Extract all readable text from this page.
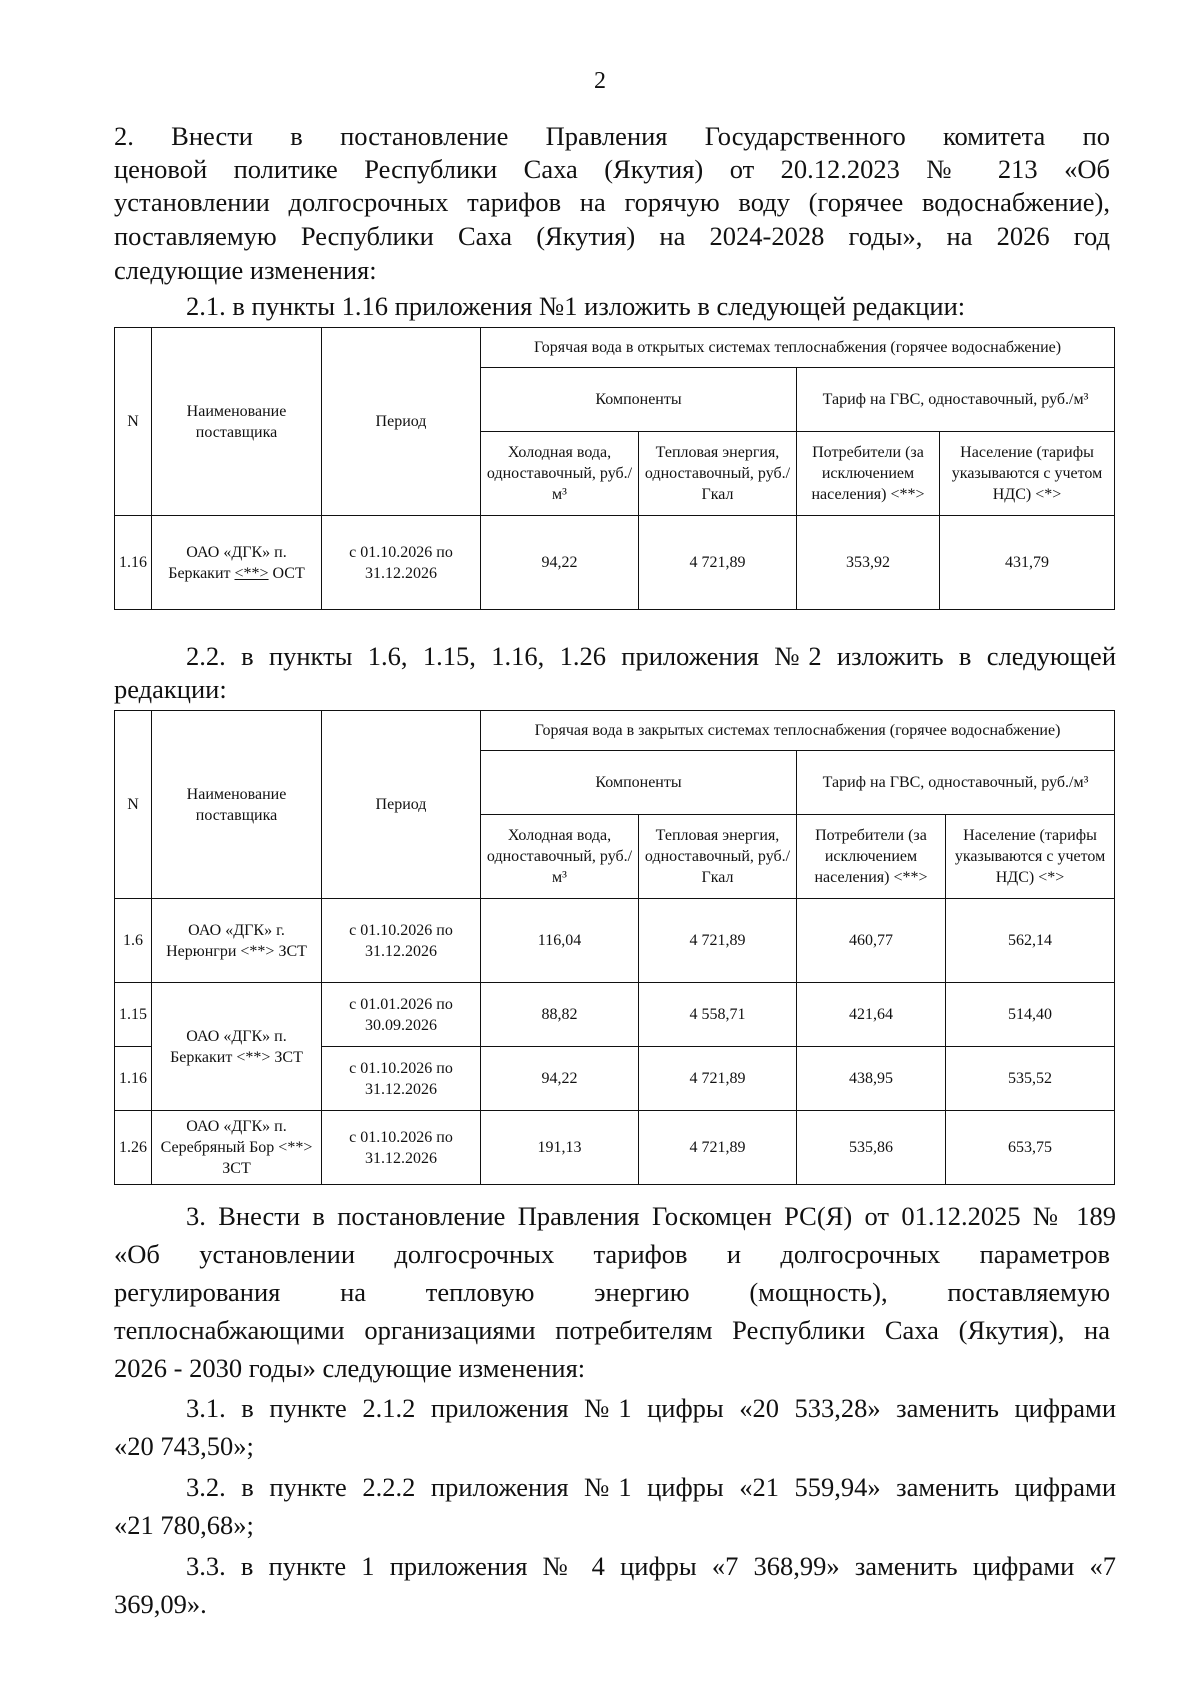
2
2. Внести в постановление Правления Государственного комитета по
ценовой политике Республики Саха (Якутия) от 20.12.2023 № 213 «Об
установлении долгосрочных тарифов на горячую воду (горячее водоснабжение),
поставляемую Республики Саха (Якутия) на 2024-2028 годы», на 2026 год
следующие изменения:
2.1. в пункты 1.16 приложения №1 изложить в следующей редакции:
N	Наименование поставщика	Период	Горячая вода в открытых системах теплоснабжения (горячее водоснабжение)			
			Компоненты		Тариф на ГВС, одноставочный, руб./м³	
			Холодная вода, одноставочный, руб./м³	Тепловая энергия, одноставочный, руб./Гкал	Потребители (за исключением населения) <**>	Население (тарифы указываются с учетом НДС) <*>
1.16	ОАО «ДГК» п. Беркакит <**> ОСТ	с 01.10.2026 по 31.12.2026	94,22	4 721,89	353,92	431,79
2.2. в пункты 1.6, 1.15, 1.16, 1.26 приложения №2 изложить в следующей
редакции:
N	Наименование поставщика	Период	Горячая вода в закрытых системах теплоснабжения (горячее водоснабжение)			
			Компоненты		Тариф на ГВС, одноставочный, руб./м³	
			Холодная вода, одноставочный, руб./м³	Тепловая энергия, одноставочный, руб./Гкал	Потребители (за исключением населения) <**>	Население (тарифы указываются с учетом НДС) <*>
1.6	ОАО «ДГК» г. Нерюнгри <**> ЗСТ	с 01.10.2026 по 31.12.2026	116,04	4 721,89	460,77	562,14
1.15	ОАО «ДГК» п. Беркакит <**> ЗСТ	с 01.01.2026 по 30.09.2026	88,82	4 558,71	421,64	514,40
1.16		с 01.10.2026 по 31.12.2026	94,22	4 721,89	438,95	535,52
1.26	ОАО «ДГК» п. Серебряный Бор <**> ЗСТ	с 01.10.2026 по 31.12.2026	191,13	4 721,89	535,86	653,75
3. Внести в постановление Правления Госкомцен РС(Я) от 01.12.2025 № 189
«Об установлении долгосрочных тарифов и долгосрочных параметров
регулирования на тепловую энергию (мощность), поставляемую
теплоснабжающими организациями потребителям Республики Саха (Якутия), на
2026 - 2030 годы» следующие изменения:
3.1. в пункте 2.1.2 приложения №1 цифры «20 533,28» заменить цифрами
«20 743,50»;
3.2. в пункте 2.2.2 приложения №1 цифры «21 559,94» заменить цифрами
«21 780,68»;
3.3. в пункте 1 приложения № 4 цифры «7 368,99» заменить цифрами «7
369,09».
